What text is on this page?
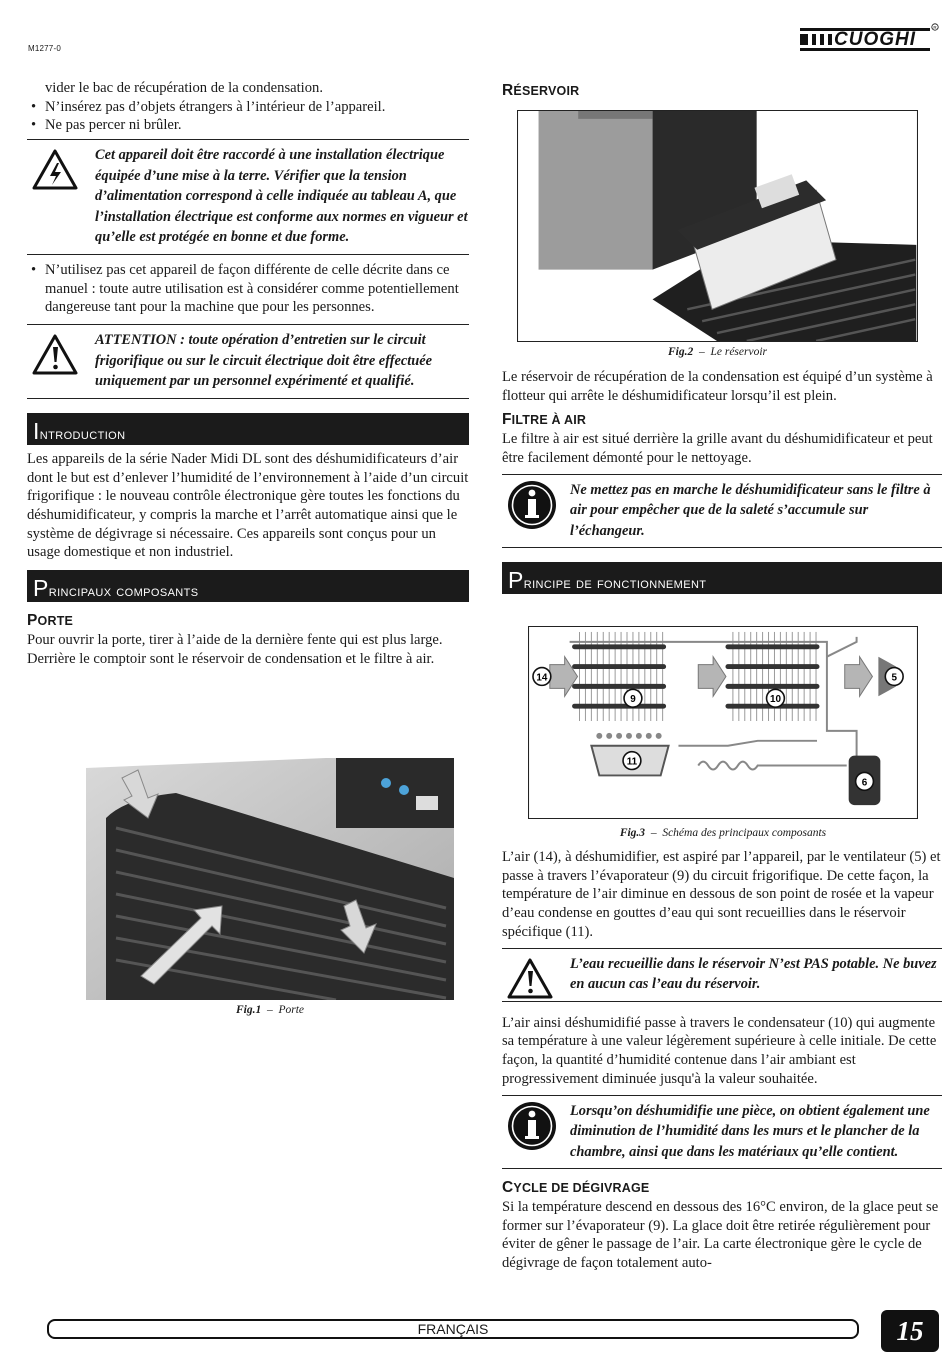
M1277-0	CUOGHI
R

vider le bac de récupération de la condensation.

• N’insérez pas d’objets étrangers à l’intérieur de l’appareil.
• Ne pas percer ni brûler.
Cet appareil doit être raccordé à une installation électrique équipée d’une mise à la terre. Vérifier que la tension d’alimentation correspond à celle indiquée au tableau A, que l’installation électrique est conforme aux normes en vigueur et qu’elle est protégée en bonne et due forme.
• N’utilisez pas cet appareil de façon différente de celle décrite dans ce manuel : toute autre utilisation est à considérer comme potentiellement dangereuse tant pour la machine que pour les personnes.
ATTENTION : toute opération d’entretien sur le circuit frigorifique ou sur le circuit électrique doit être effectuée uniquement par un personnel expérimenté et qualifié.
Introduction

Les appareils de la série Nader Midi DL sont des déshumidificateurs d’air dont le but est d’enlever l’humidité de l’environnement à l’aide d’un circuit frigorifique : le nouveau contrôle électronique gère toutes les fonctions du déshumidificateur, y compris la marche et l’arrêt automatique ainsi que le système de dégivrage si nécessaire. Ces appareils sont conçus pour un usage domestique et non industriel.

Principaux composants
PORTE

Pour ouvrir la porte, tirer à l’aide de la dernière fente qui est plus large. Derrière le comptoir sont le réservoir de condensation et le filtre à air.

Fig.1 – Porte
RÉSERVOIR
Fig.2 – Le réservoir

Le réservoir de récupération de la condensation est équipé d’un système à flotteur qui arrête le déshumidificateur lorsqu’il est plein.

FILTRE À AIR

Le filtre à air est situé derrière la grille avant du déshumidificateur et peut être facilement démonté pour le nettoyage.

Ne mettez pas en marche le déshumidificateur sans le filtre à air pour empêcher que de la saleté s’accumule sur l’échangeur.
Principe de fonctionnement
14
9	10
5
11
6
Fig.3 – Schéma des principaux composants

L’air (14), à déshumidifier, est aspiré par l’appareil, par le ventilateur (5) et passe à travers l’évaporateur (9) du circuit frigorifique. De cette façon, la température de l’air diminue en dessous de son point de rosée et la vapeur d’eau condense en gouttes d’eau qui sont recueillies dans le réservoir spécifique (11).

L’eau recueillie dans le réservoir N’est PAS potable. Ne buvez en aucun cas l’eau du réservoir.

L’air ainsi déshumidifié passe à travers le condensateur (10) qui augmente sa température à une valeur légèrement supérieure à celle initiale. De cette façon, la quantité d’humidité contenue dans l’air ambiant est progressivement diminuée jusqu'à la valeur souhaitée.

Lorsqu’on déshumidifie une pièce, on obtient également une diminution de l’humidité dans les murs et le plancher de la chambre, ainsi que dans les matériaux qu’elle contient.
CYCLE DE DÉGIVRAGE

Si la température descend en dessous des 16°C environ, de la glace peut se former sur l’évaporateur (9). La glace doit être retirée régulièrement pour éviter de gêner le passage de l’air. La carte électronique gère le cycle de dégivrage de façon totalement auto-

FRANÇAIS	15
